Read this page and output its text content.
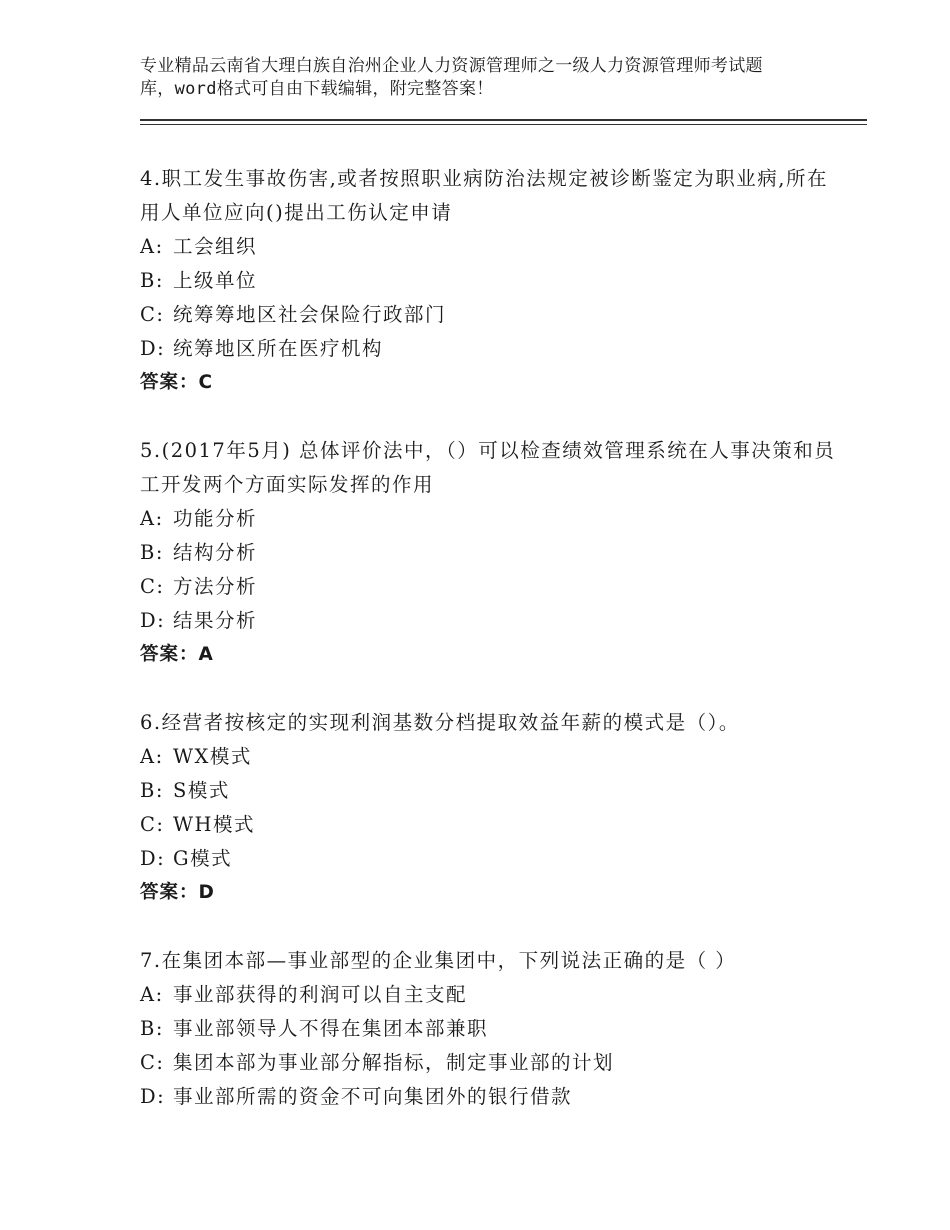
专业精品云南省大理白族自治州企业人力资源管理师之一级人力资源管理师考试题
库，word格式可自由下载编辑，附完整答案！
4.职工发生事故伤害,或者按照职业病防治法规定被诊断鉴定为职业病,所在用人单位应向()提出工伤认定申请
A: 工会组织
B: 上级单位
C: 统筹筹地区社会保险行政部门
D: 统筹地区所在医疗机构
答案：C
5.(2017年5月) 总体评价法中，（）可以检查绩效管理系统在人事决策和员工开发两个方面实际发挥的作用
A: 功能分析
B: 结构分析
C: 方法分析
D: 结果分析
答案：A
6.经营者按核定的实现利润基数分档提取效益年薪的模式是（）。
A: WX模式
B: S模式
C: WH模式
D: G模式
答案：D
7.在集团本部—事业部型的企业集团中，下列说法正确的是（ ）
A: 事业部获得的利润可以自主支配
B: 事业部领导人不得在集团本部兼职
C: 集团本部为事业部分解指标，制定事业部的计划
D: 事业部所需的资金不可向集团外的银行借款
